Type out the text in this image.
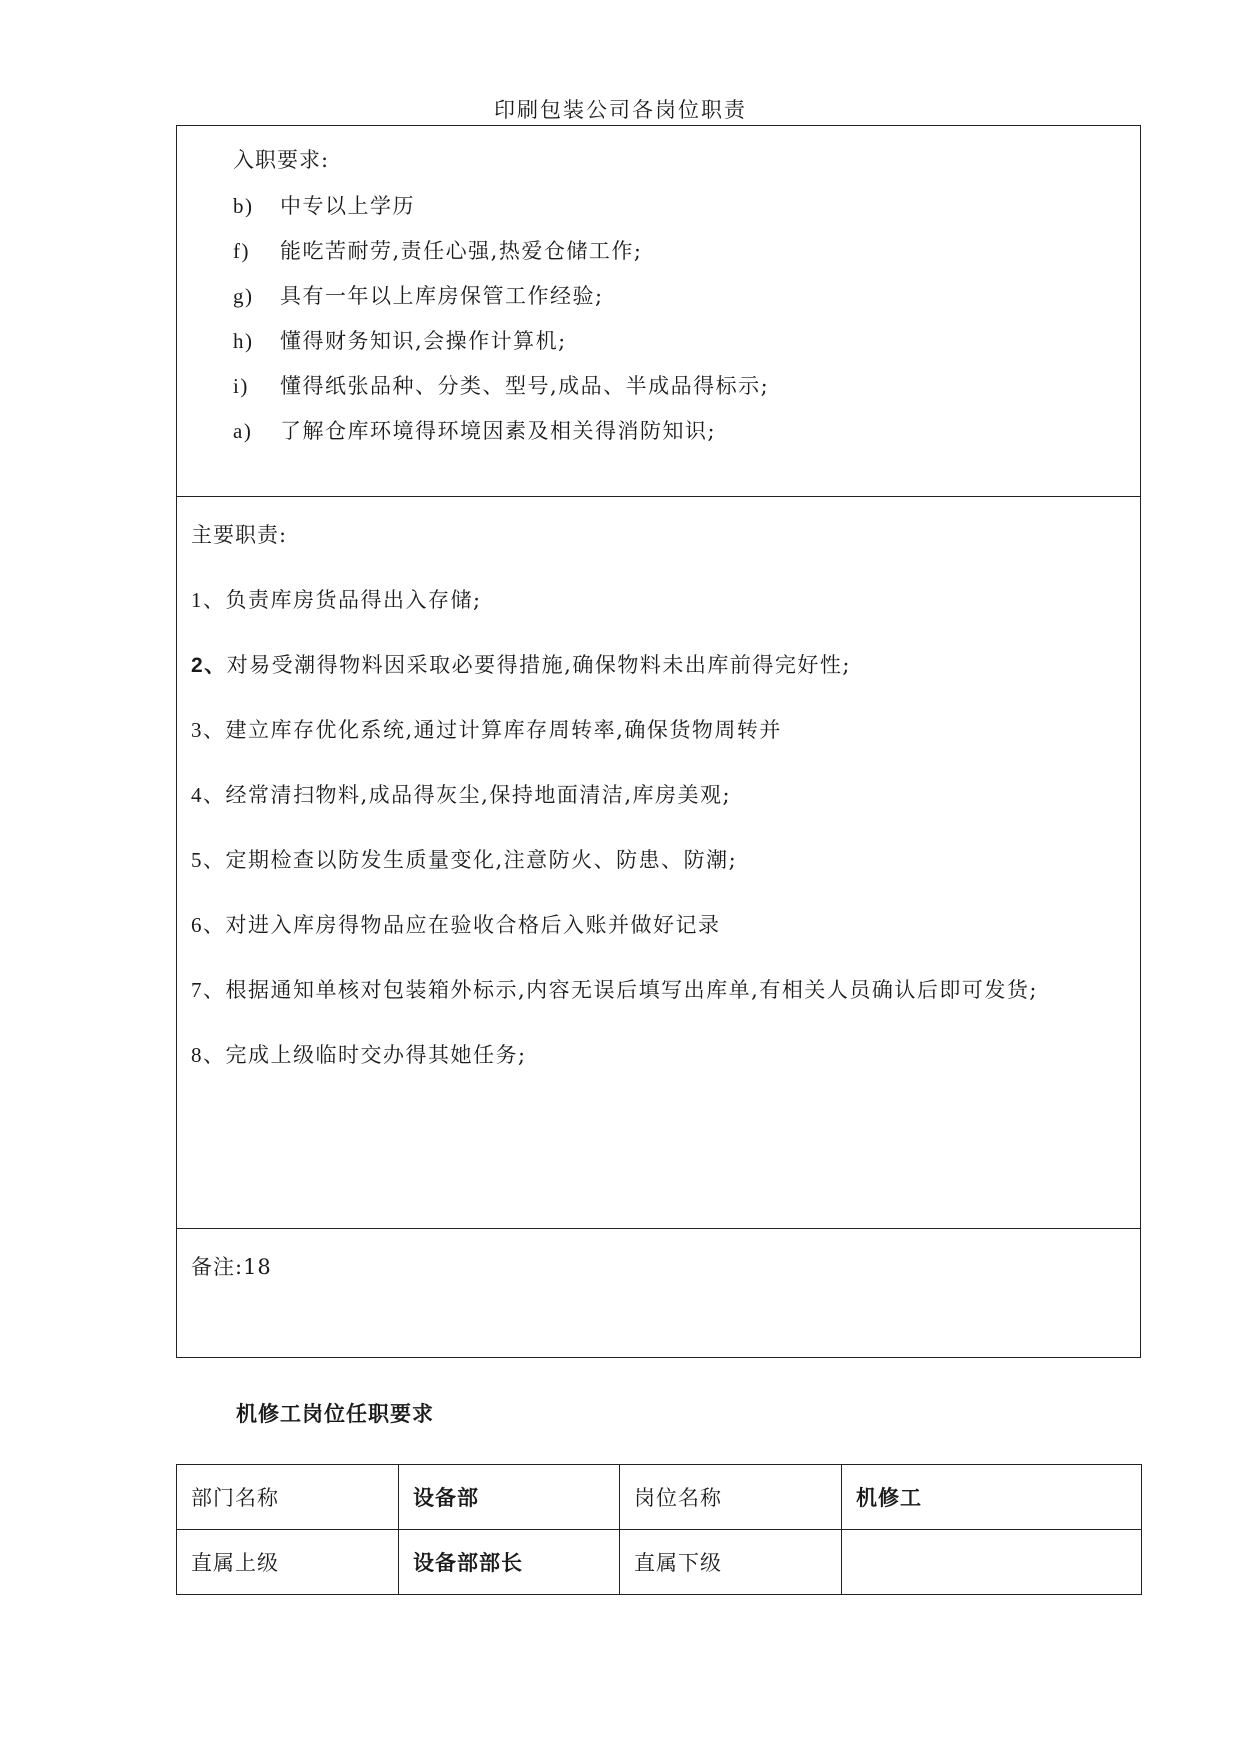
印刷包装公司各岗位职责
入职要求:
b) 中专以上学历
f) 能吃苦耐劳,责任心强,热爱仓储工作;
g) 具有一年以上库房保管工作经验;
h) 懂得财务知识,会操作计算机;
i) 懂得纸张品种、分类、型号,成品、半成品得标示;
a) 了解仓库环境得环境因素及相关得消防知识;
主要职责:
1、负责库房货品得出入存储;
2、对易受潮得物料因采取必要得措施,确保物料未出库前得完好性;
3、建立库存优化系统,通过计算库存周转率,确保货物周转并
4、经常清扫物料,成品得灰尘,保持地面清洁,库房美观;
5、定期检查以防发生质量变化,注意防火、防患、防潮;
6、对进入库房得物品应在验收合格后入账并做好记录
7、根据通知单核对包装箱外标示,内容无误后填写出库单,有相关人员确认后即可发货;
8、完成上级临时交办得其她任务;
备注:18
机修工岗位任职要求
部门名称	设备部	岗位名称	机修工
直属上级	设备部部长	直属下级	
